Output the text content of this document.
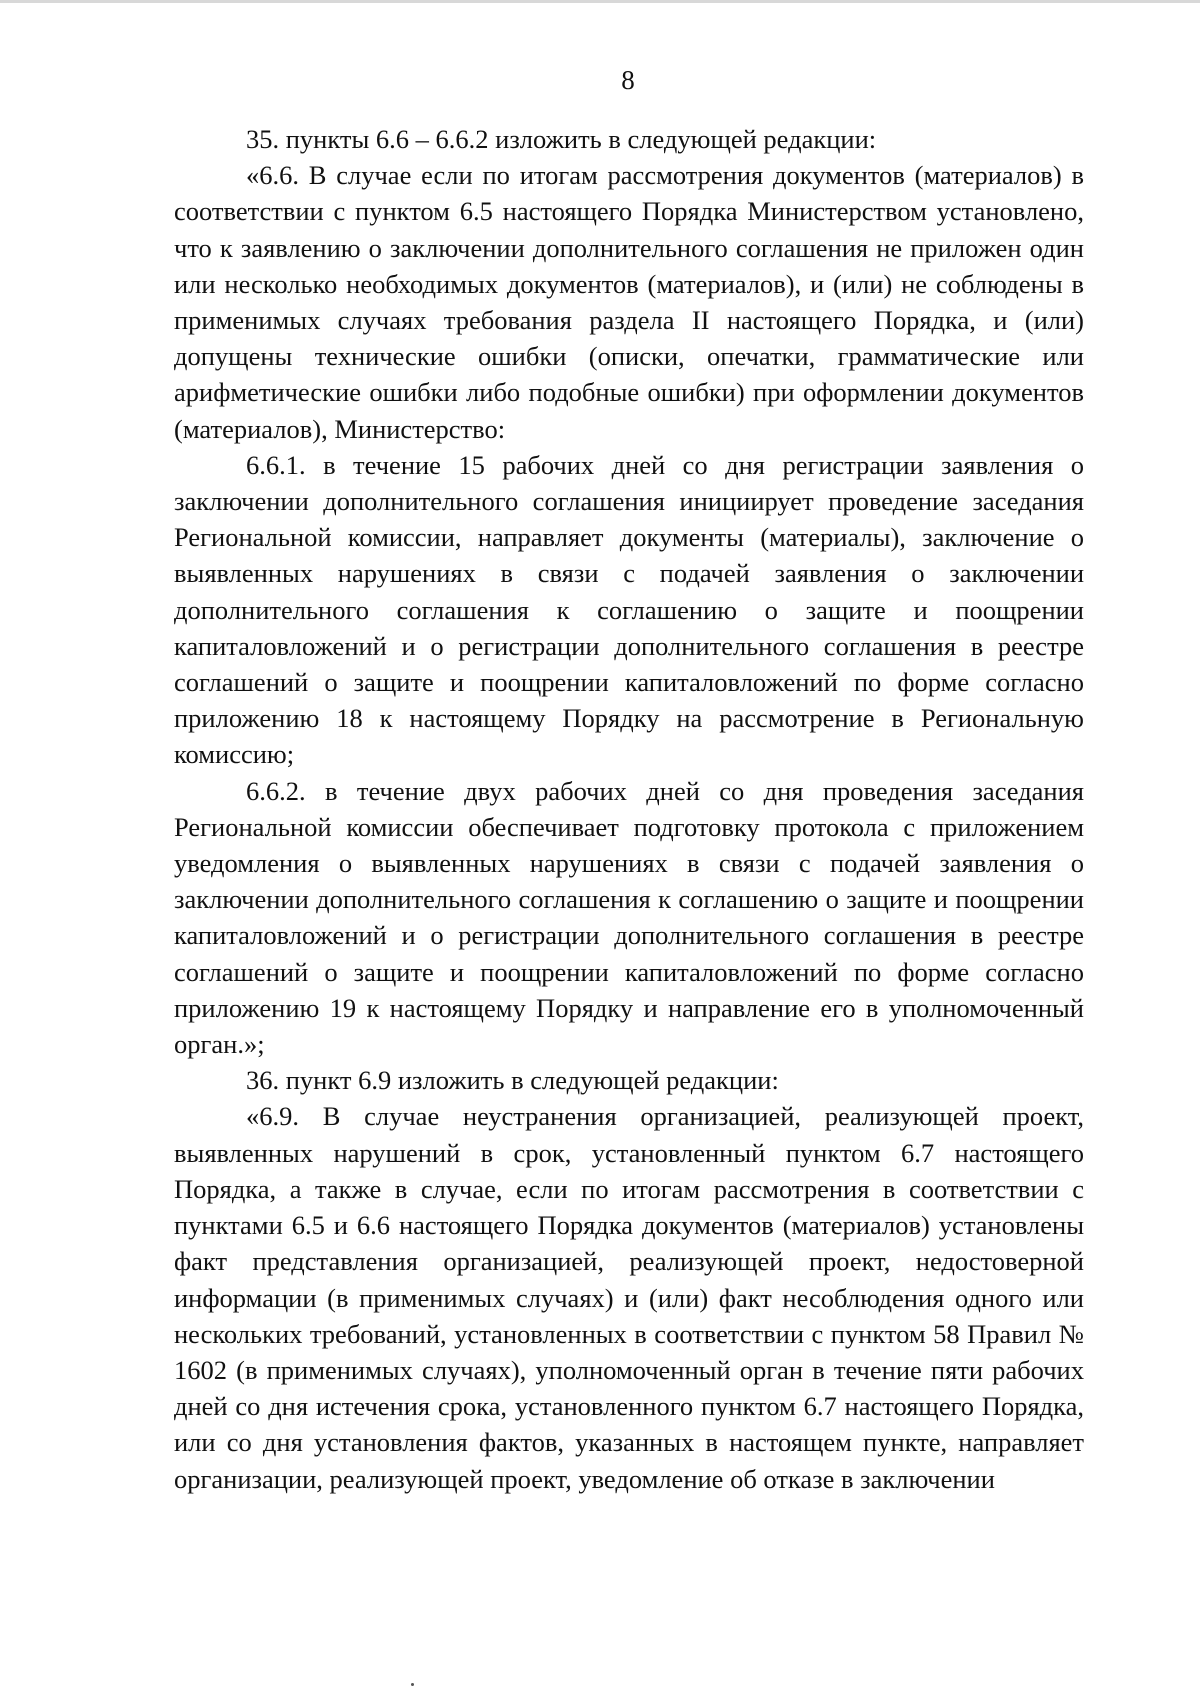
8

35. пункты 6.6 – 6.6.2 изложить в следующей редакции:

«6.6. В случае если по итогам рассмотрения документов (материалов) в соответствии с пунктом 6.5 настоящего Порядка Министерством установлено, что к заявлению о заключении дополнительного соглашения не приложен один или несколько необходимых документов (материалов), и (или) не соблюдены в применимых случаях требования раздела II настоящего Порядка, и (или) допущены технические ошибки (описки, опечатки, грамматические или арифметические ошибки либо подобные ошибки) при оформлении документов (материалов), Министерство:

6.6.1. в течение 15 рабочих дней со дня регистрации заявления о заключении дополнительного соглашения инициирует проведение заседания Региональной комиссии, направляет документы (материалы), заключение о выявленных нарушениях в связи с подачей заявления о заключении дополнительного соглашения к соглашению о защите и поощрении капиталовложений и о регистрации дополнительного соглашения в реестре соглашений о защите и поощрении капиталовложений по форме согласно приложению 18 к настоящему Порядку на рассмотрение в Региональную комиссию;

6.6.2. в течение двух рабочих дней со дня проведения заседания Региональной комиссии обеспечивает подготовку протокола с приложением уведомления о выявленных нарушениях в связи с подачей заявления о заключении дополнительного соглашения к соглашению о защите и поощрении капиталовложений и о регистрации дополнительного соглашения в реестре соглашений о защите и поощрении капиталовложений по форме согласно приложению 19 к настоящему Порядку и направление его в уполномоченный орган.»;

36. пункт 6.9 изложить в следующей редакции:

«6.9. В случае неустранения организацией, реализующей проект, выявленных нарушений в срок, установленный пунктом 6.7 настоящего Порядка, а также в случае, если по итогам рассмотрения в соответствии с пунктами 6.5 и 6.6 настоящего Порядка документов (материалов) установлены факт представления организацией, реализующей проект, недостоверной информации (в применимых случаях) и (или) факт несоблюдения одного или нескольких требований, установленных в соответствии с пунктом 58 Правил № 1602 (в применимых случаях), уполномоченный орган в течение пяти рабочих дней со дня истечения срока, установленного пунктом 6.7 настоящего Порядка, или со дня установления фактов, указанных в настоящем пункте, направляет организации, реализующей проект, уведомление об отказе в заключении
